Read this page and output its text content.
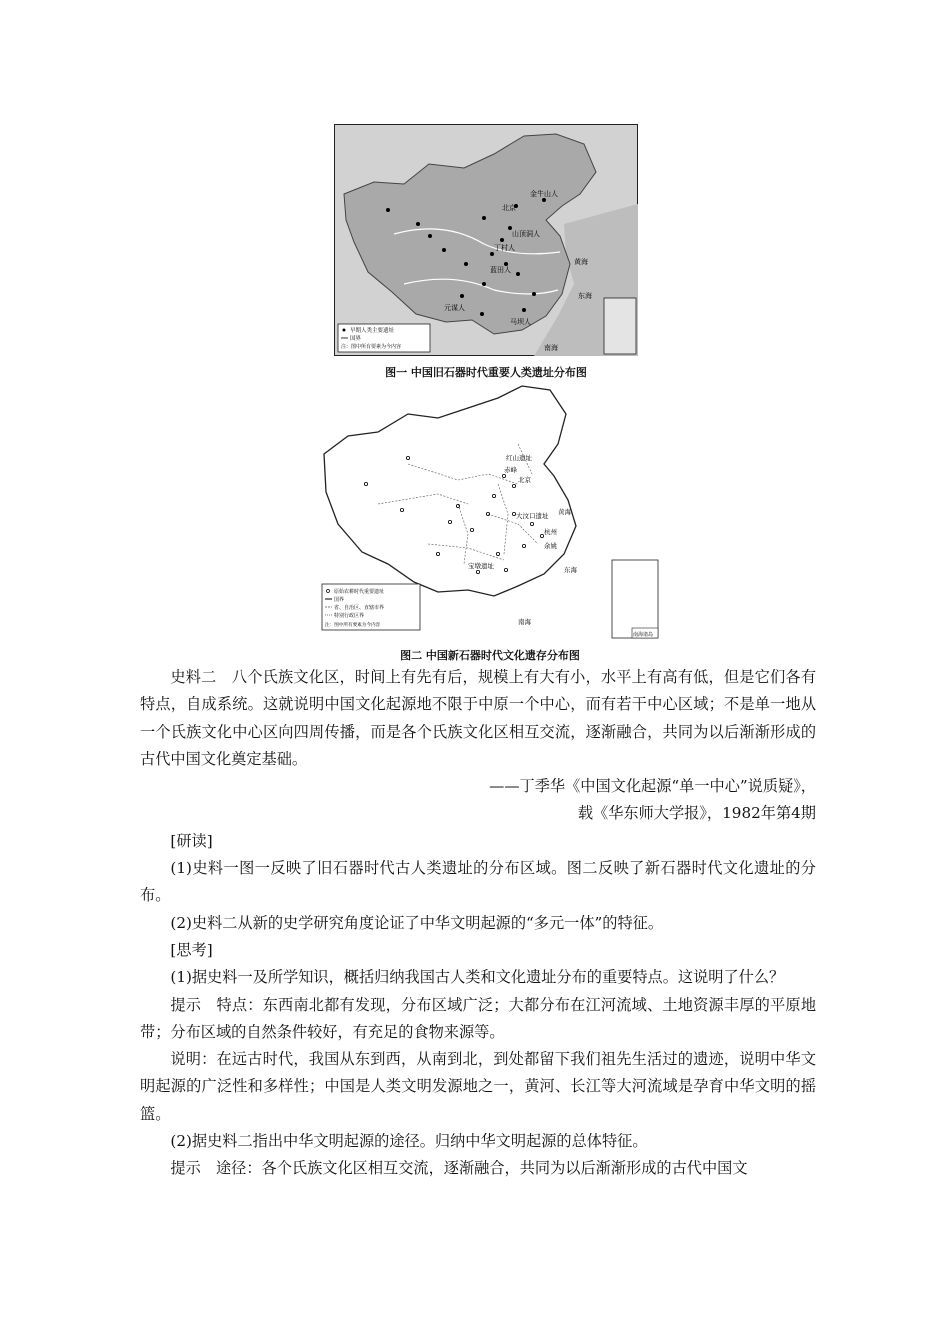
北京
金牛山人
山顶洞人
丁村人
蓝田人
元谋人
马坝人
黄海
东海
南海
早期人类主要遗址
国界
注：图中所有要素为今内容
图一 中国旧石器时代重要人类遗址分布图
红山遗址
赤峰
北京
大汶口遗址
杭州
余姚
宝墩遗址
黄海
东海
南海
原始农耕时代重要遗址
国界
省、自治区、直辖市界
特别行政区界
注：图中所有要素为今内容
南海诸岛
图二 中国新石器时代文化遗存分布图

史料二　八个氏族文化区，时间上有先有后，规模上有大有小，水平上有高有低，但是它们各有特点，自成系统。这就说明中国文化起源地不限于中原一个中心，而有若干中心区域；不是单一地从一个氏族文化中心区向四周传播，而是各个氏族文化区相互交流，逐渐融合，共同为以后渐渐形成的古代中国文化奠定基础。

——丁季华《中国文化起源“单一中心”说质疑》，

载《华东师大学报》，1982年第4期

[研读]

(1)史料一图一反映了旧石器时代古人类遗址的分布区域。图二反映了新石器时代文化遗址的分布。

(2)史料二从新的史学研究角度论证了中华文明起源的“多元一体”的特征。

[思考]

(1)据史料一及所学知识，概括归纳我国古人类和文化遗址分布的重要特点。这说明了什么？

提示　特点：东西南北都有发现，分布区域广泛；大都分布在江河流域、土地资源丰厚的平原地带；分布区域的自然条件较好，有充足的食物来源等。

说明：在远古时代，我国从东到西，从南到北，到处都留下我们祖先生活过的遗迹，说明中华文明起源的广泛性和多样性；中国是人类文明发源地之一，黄河、长江等大河流域是孕育中华文明的摇篮。

(2)据史料二指出中华文明起源的途径。归纳中华文明起源的总体特征。

提示　途径：各个氏族文化区相互交流，逐渐融合，共同为以后渐渐形成的古代中国文
